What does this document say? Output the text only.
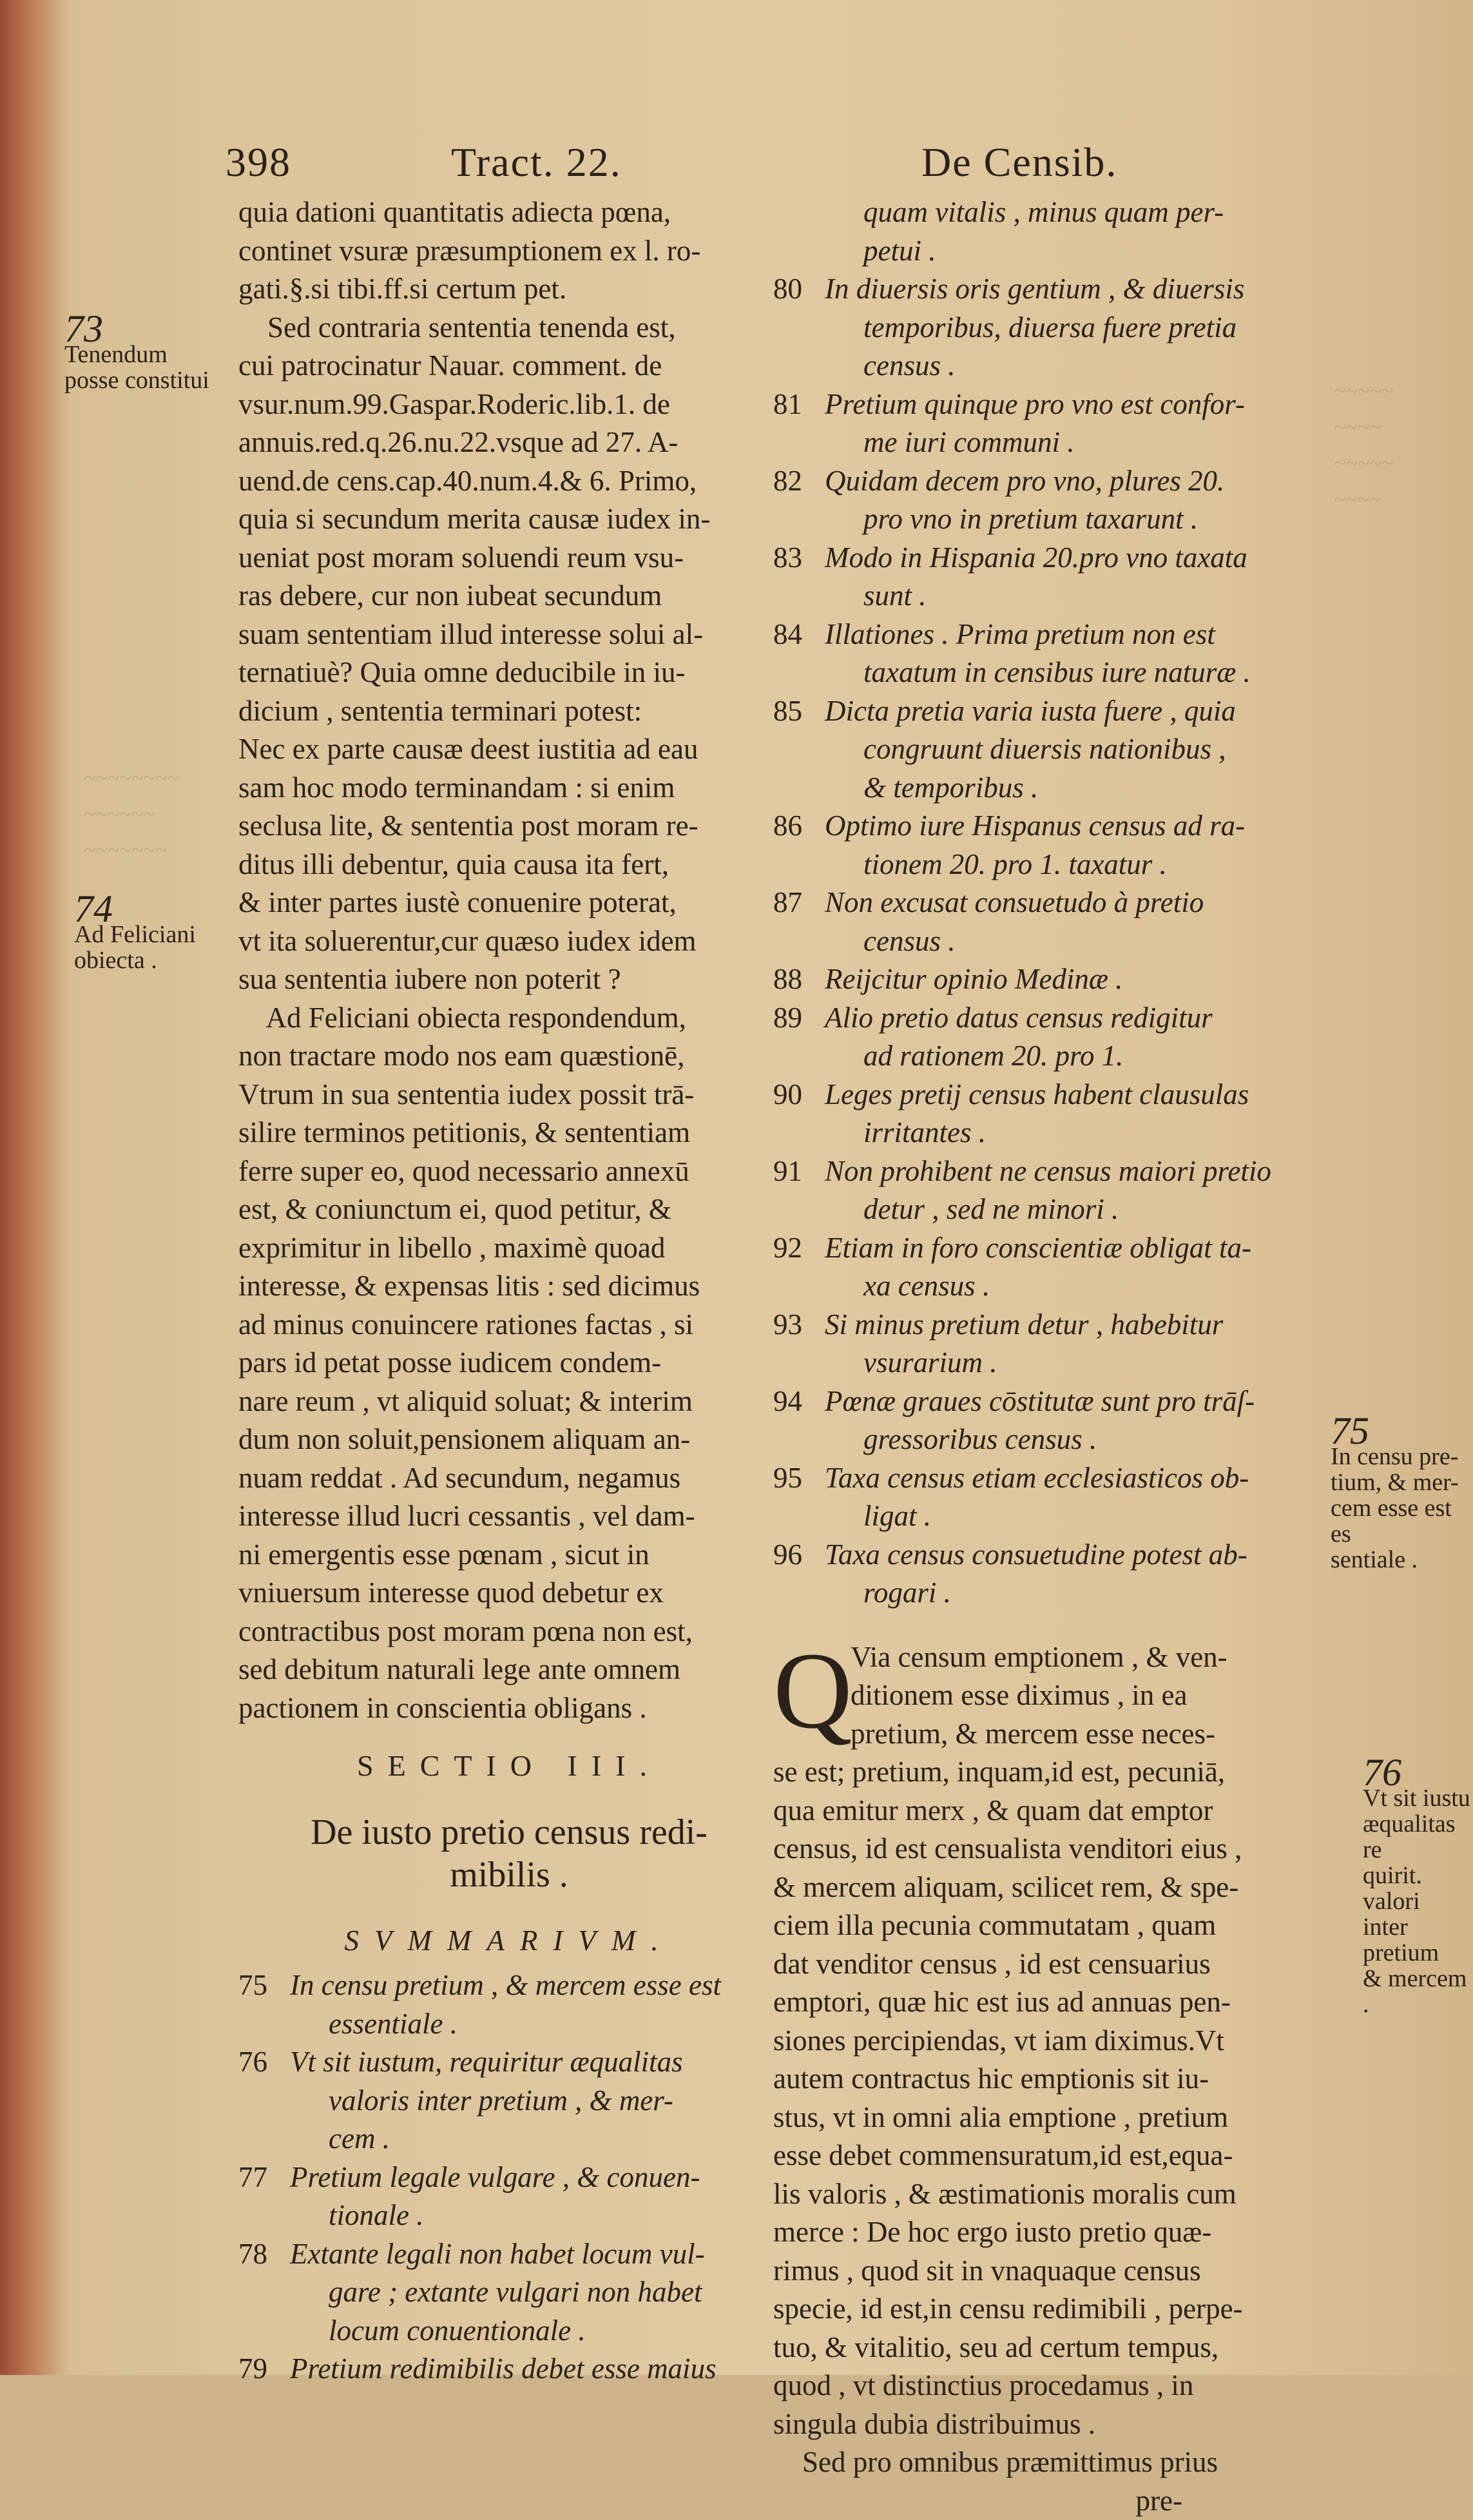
~~~~~~~~
~~~~~~
~~~~~~~
~~~~~
~~~~
~~~~~
~~~~
398	Tract. 22.	De Censib.
73
Tenendum
posse constitui
74
Ad Feliciani
obiecta .
75
In censu pre-
tium, & mer-
cem esse est es
sentiale .
76
Vt sit iustu
æqualitas re
quirit. valori
inter pretium
& mercem .

quia dationi quantitatis adiecta pœna,

continet vsuræ præsumptionem ex l. ro-

gati.§.si tibi.ff.si certum pet.

Sed contraria sententia tenenda est,

cui patrocinatur Nauar. comment. de

vsur.num.99.Gaspar.Roderic.lib.1. de

annuis.red.q.26.nu.22.vsque ad 27. A-

uend.de cens.cap.40.num.4.& 6. Primo,

quia si secundum merita causæ iudex in-

ueniat post moram soluendi reum vsu-

ras debere, cur non iubeat secundum

suam sententiam illud interesse solui al-

ternatiuè? Quia omne deducibile in iu-

dicium , sententia terminari potest:

Nec ex parte causæ deest iustitia ad eau

sam hoc modo terminandam : si enim

seclusa lite, & sententia post moram re-

ditus illi debentur, quia causa ita fert,

& inter partes iustè conuenire poterat,

vt ita soluerentur,cur quæso iudex idem

sua sententia iubere non poterit ?

Ad Feliciani obiecta respondendum,

non tractare modo nos eam quæstionē,

Vtrum in sua sententia iudex possit trā-

silire terminos petitionis, & sententiam

ferre super eo, quod necessario annexū

est, & coniunctum ei, quod petitur, &

exprimitur in libello , maximè quoad

interesse, & expensas litis : sed dicimus

ad minus conuincere rationes factas , si

pars id petat posse iudicem condem-

nare reum , vt aliquid soluat; & interim

dum non soluit,pensionem aliquam an-

nuam reddat . Ad secundum, negamus

interesse illud lucri cessantis , vel dam-

ni emergentis esse pœnam , sicut in

vniuersum interesse quod debetur ex

contractibus post moram pœna non est,

sed debitum naturali lege ante omnem

pactionem in conscientia obligans .

SECTIO III.
De iusto pretio census redi-
mibilis .
SVMMARIVM.
75 In censu pretium , & mercem esse est
essentiale .
76 Vt sit iustum, requiritur æqualitas
valoris inter pretium , & mer-
cem .
77 Pretium legale vulgare , & conuen-
tionale .
78 Extante legali non habet locum vul-
gare ; extante vulgari non habet
locum conuentionale .
79 Pretium redimibilis debet esse maius
quam vitalis , minus quam per-
petui .
80 In diuersis oris gentium , & diuersis
temporibus, diuersa fuere pretia
census .
81 Pretium quinque pro vno est confor-
me iuri communi .
82 Quidam decem pro vno, plures 20.
pro vno in pretium taxarunt .
83 Modo in Hispania 20.pro vno taxata
sunt .
84 Illationes . Prima pretium non est
taxatum in censibus iure naturæ .
85 Dicta pretia varia iusta fuere , quia
congruunt diuersis nationibus ,
& temporibus .
86 Optimo iure Hispanus census ad ra-
tionem 20. pro 1. taxatur .
87 Non excusat consuetudo à pretio
census .
88 Reijcitur opinio Medinæ .
89 Alio pretio datus census redigitur
ad rationem 20. pro 1.
90 Leges pretij census habent clausulas
irritantes .
91 Non prohibent ne census maiori pretio
detur , sed ne minori .
92 Etiam in foro conscientiæ obligat ta-
xa census .
93 Si minus pretium detur , habebitur
vsurarium .
94 Pœnæ graues cōstitutæ sunt pro trāſ-
gressoribus census .
95 Taxa census etiam ecclesiasticos ob-
ligat .
96 Taxa census consuetudine potest ab-
rogari .
Q

Via censum emptionem , & ven-

ditionem esse diximus , in ea

pretium, & mercem esse neces-

se est; pretium, inquam,id est, pecuniā,

qua emitur merx , & quam dat emptor

census, id est censualista venditori eius ,

& mercem aliquam, scilicet rem, & spe-

ciem illa pecunia commutatam , quam

dat venditor census , id est censuarius

emptori, quæ hic est ius ad annuas pen-

siones percipiendas, vt iam diximus.Vt

autem contractus hic emptionis sit iu-

stus, vt in omni alia emptione , pretium

esse debet commensuratum,id est,equa-

lis valoris , & æstimationis moralis cum

merce : De hoc ergo iusto pretio quæ-

rimus , quod sit in vnaquaque census

specie, id est,in censu redimibili , perpe-

tuo, & vitalitio, seu ad certum tempus,

quod , vt distinctius procedamus , in

singula dubia distribuimus .

Sed pro omnibus præmittimus prius

pre-
